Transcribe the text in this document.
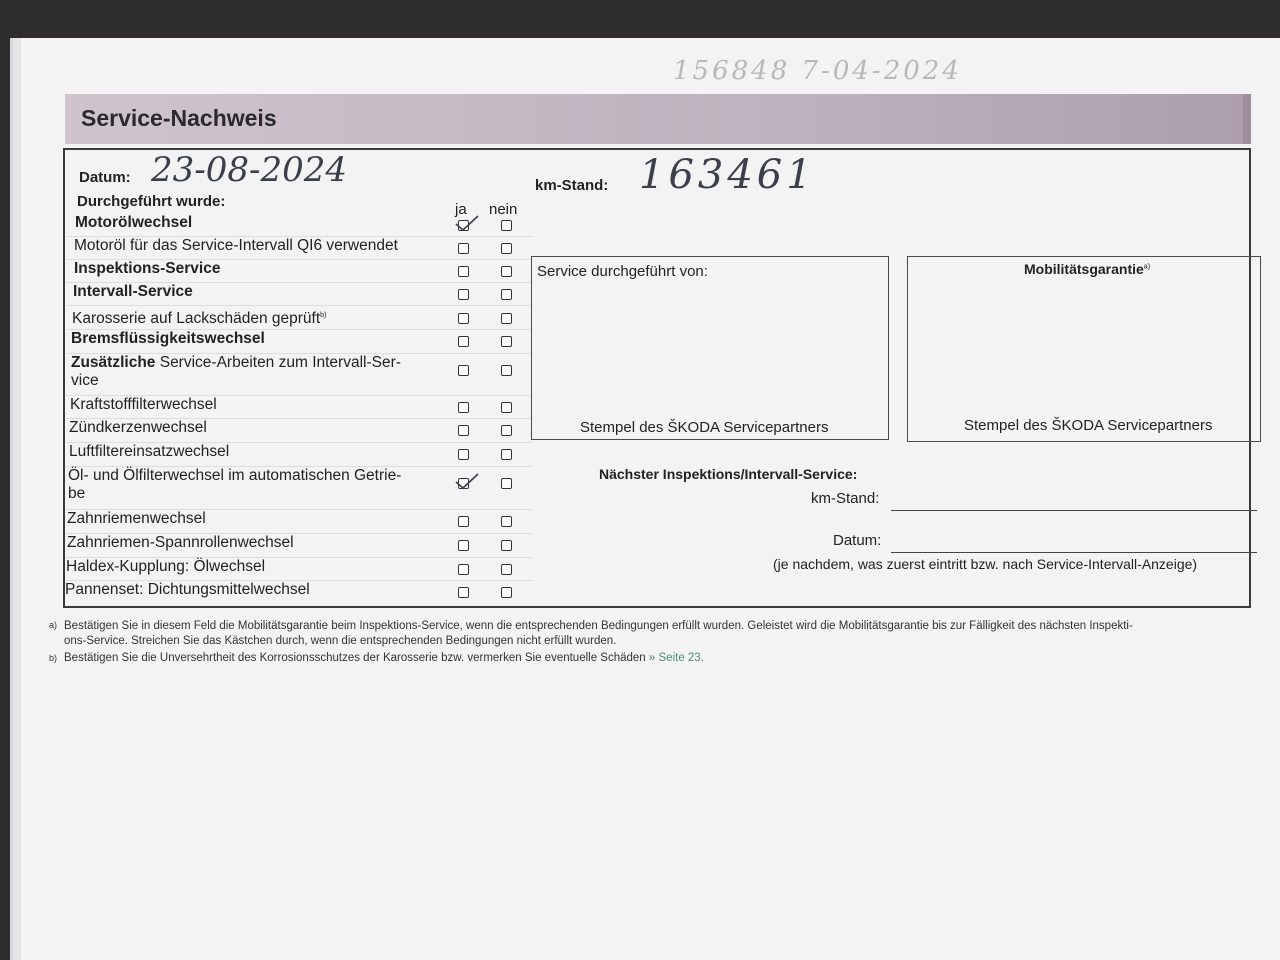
156848 7-04-2024
Service-Nachweis
Datum: 23-08-2024	km-Stand: 163461
Durchgeführt wurde:	ja nein
Motorölwechsel
Motoröl für das Service-Intervall QI6 verwendet
Inspektions-Service
Intervall-Service
Karosserie auf Lackschäden geprüft$^{b)}$
Bremsflüssigkeitswechsel
Zusätzliche Service-Arbeiten zum Intervall-Ser-
vice
Kraftstofffilterwechsel
Zündkerzenwechsel
Luftfiltereinsatzwechsel
Öl- und Ölfilterwechsel im automatischen Getrie-
be
Zahnriemenwechsel
Zahnriemen-Spannrollenwechsel
Haldex-Kupplung: Ölwechsel
Pannenset: Dichtungsmittelwechsel
Service durchgeführt von:
Stempel des ŠKODA Servicepartners
Mobilitätsgarantie$^{a)}$
Stempel des ŠKODA Servicepartners
Nächster Inspektions/Intervall-Service:
km-Stand:
Datum:
(je nachdem, was zuerst eintritt bzw. nach Service-Intervall-Anzeige)
a) Bestätigen Sie in diesem Feld die Mobilitätsgarantie beim Inspektions-Service, wenn die entsprechenden Bedingungen erfüllt wurden. Geleistet wird die Mobilitätsgarantie bis zur Fälligkeit des nächsten Inspekti-
ons-Service. Streichen Sie das Kästchen durch, wenn die entsprechenden Bedingungen nicht erfüllt wurden.
b) Bestätigen Sie die Unversehrtheit des Korrosionsschutzes der Karosserie bzw. vermerken Sie eventuelle Schäden » Seite 23.
